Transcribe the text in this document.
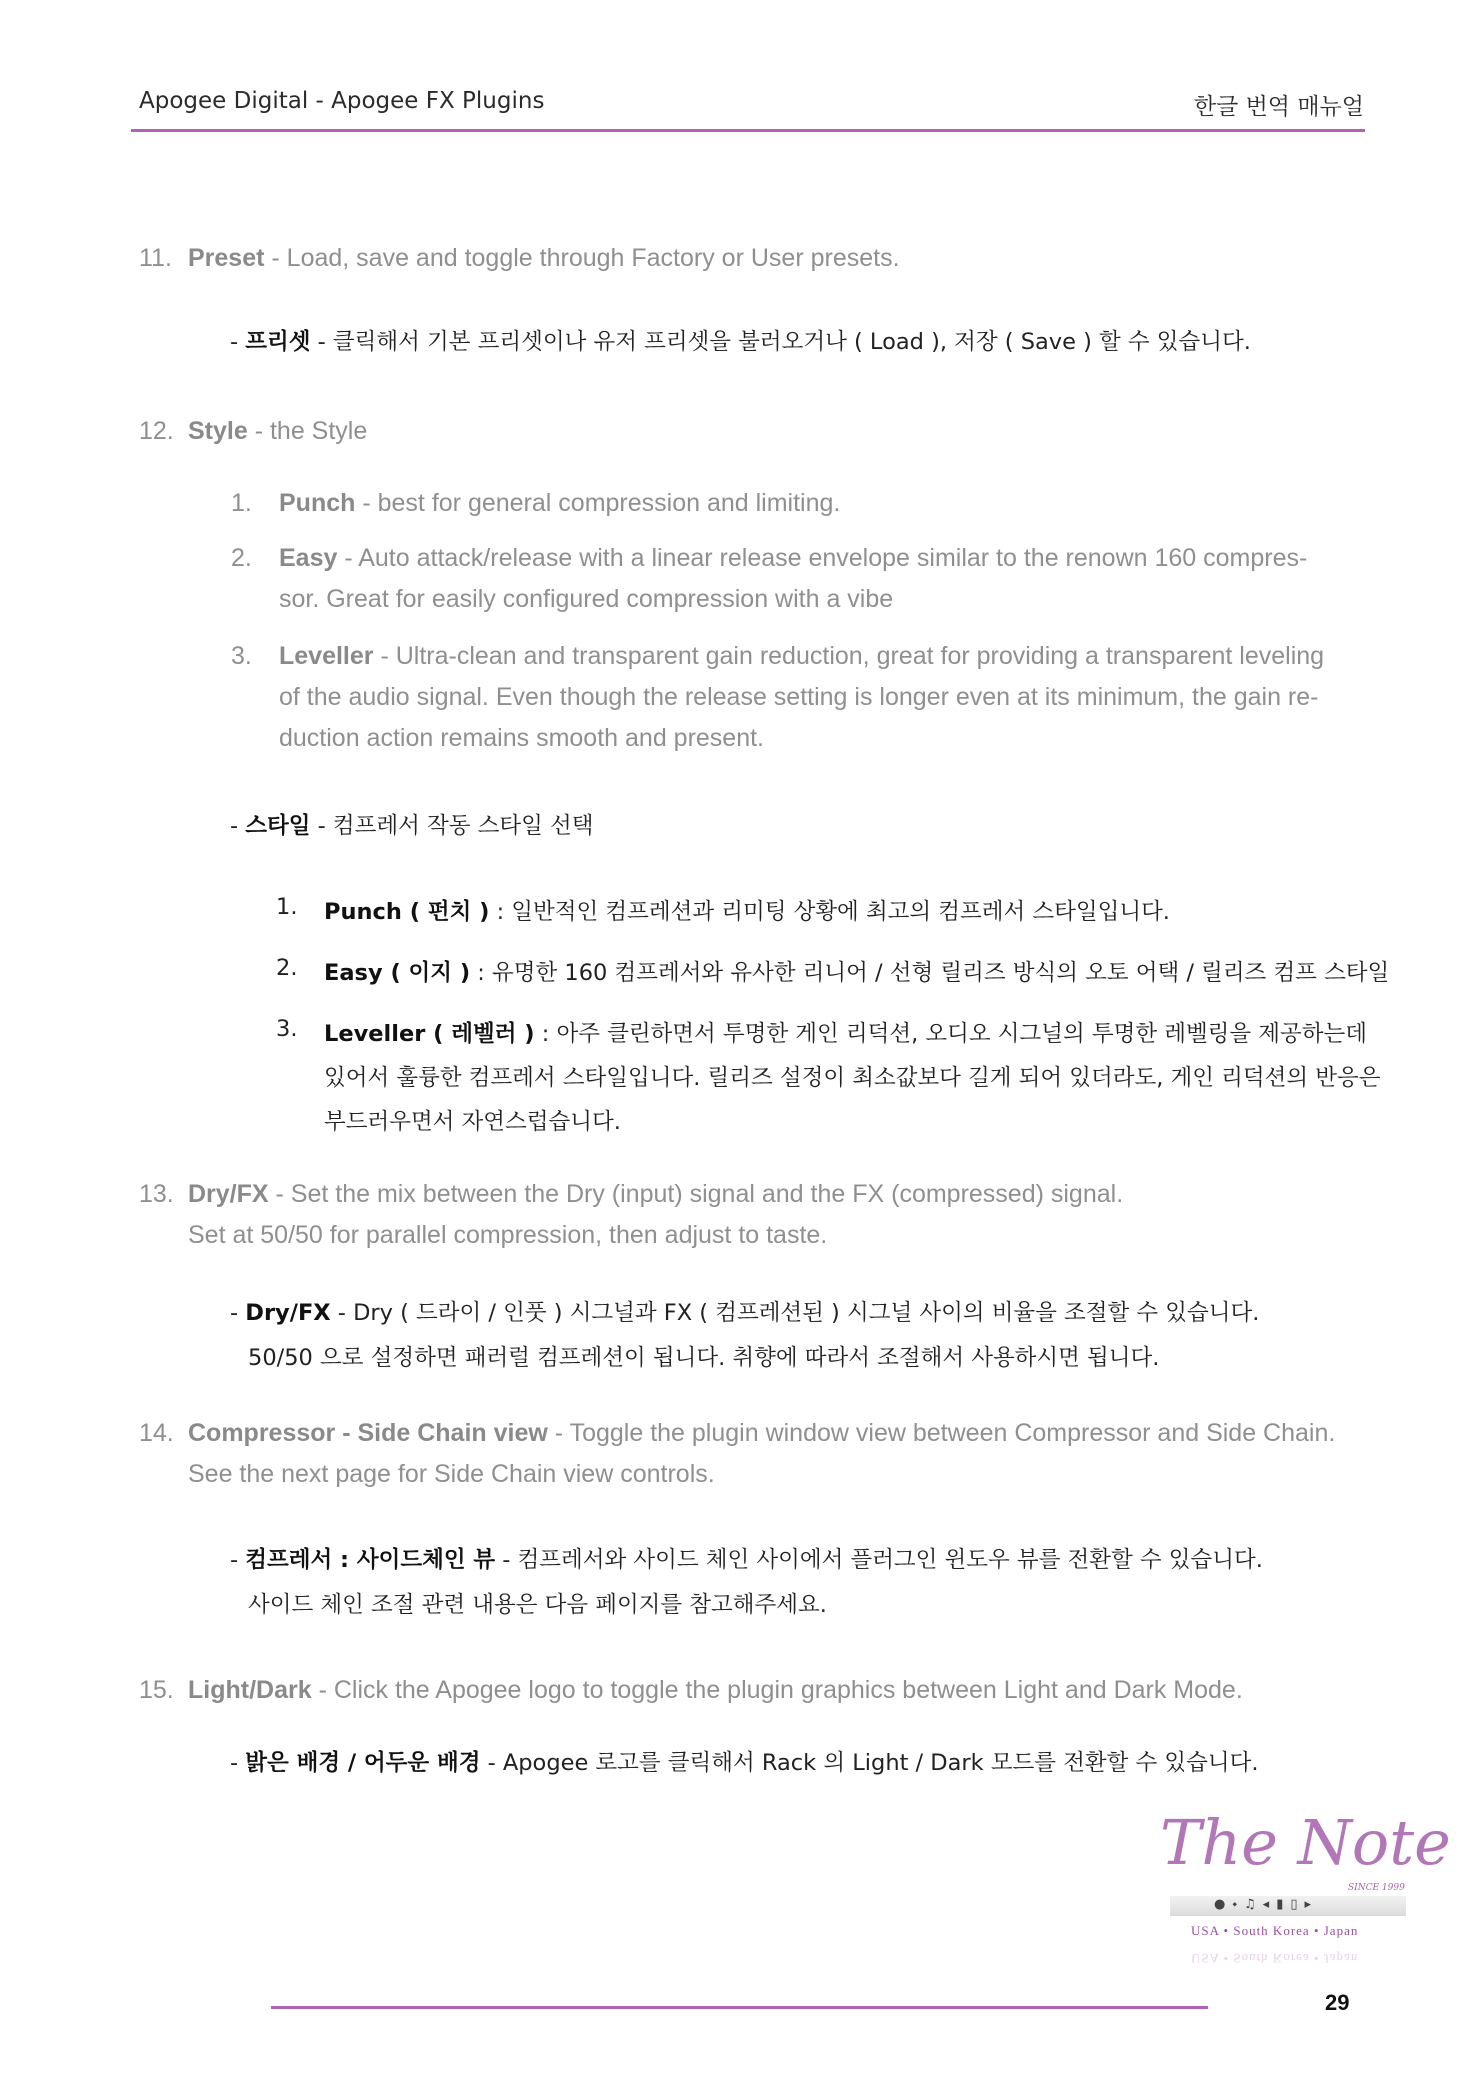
Apogee Digital - Apogee FX Plugins	한글 번역 매뉴얼
11. Preset - Load, save and toggle through Factory or User presets.
- 프리셋 - 클릭해서 기본 프리셋이나 유저 프리셋을 불러오거나 ( Load ), 저장 ( Save ) 할 수 있습니다.
12. Style - the Style
1. Punch - best for general compression and limiting.
2. Easy - Auto attack/release with a linear release envelope similar to the renown 160 compres-
sor. Great for easily configured compression with a vibe
3. Leveller - Ultra-clean and transparent gain reduction, great for providing a transparent leveling
of the audio signal. Even though the release setting is longer even at its minimum, the gain re-
duction action remains smooth and present.
- 스타일 - 컴프레서 작동 스타일 선택
1. Punch ( 펀치 ) : 일반적인 컴프레션과 리미팅 상황에 최고의 컴프레서 스타일입니다.
2. Easy ( 이지 ) : 유명한 160 컴프레서와 유사한 리니어 / 선형 릴리즈 방식의 오토 어택 / 릴리즈 컴프 스타일
3. Leveller ( 레벨러 ) : 아주 클린하면서 투명한 게인 리덕션, 오디오 시그널의 투명한 레벨링을 제공하는데
있어서 훌륭한 컴프레서 스타일입니다. 릴리즈 설정이 최소값보다 길게 되어 있더라도, 게인 리덕션의 반응은
부드러우면서 자연스럽습니다.
13. Dry/FX - Set the mix between the Dry (input) signal and the FX (compressed) signal.
Set at 50/50 for parallel compression, then adjust to taste.
- Dry/FX - Dry ( 드라이 / 인풋 ) 시그널과 FX ( 컴프레션된 ) 시그널 사이의 비율을 조절할 수 있습니다.
50/50 으로 설정하면 패러럴 컴프레션이 됩니다. 취향에 따라서 조절해서 사용하시면 됩니다.
14. Compressor - Side Chain view - Toggle the plugin window view between Compressor and Side Chain.
See the next page for Side Chain view controls.
- 컴프레서 : 사이드체인 뷰 - 컴프레서와 사이드 체인 사이에서 플러그인 윈도우 뷰를 전환할 수 있습니다.
사이드 체인 조절 관련 내용은 다음 페이지를 참고해주세요.
15. Light/Dark - Click the Apogee logo to toggle the plugin graphics between Light and Dark Mode.
- 밝은 배경 / 어두운 배경 - Apogee 로고를 클릭해서 Rack 의 Light / Dark 모드를 전환할 수 있습니다.
The Note
SINCE 1999
●⬩♫◂▮▯▸
USA • South Korea • Japan
USA • South Korea • Japan
29
